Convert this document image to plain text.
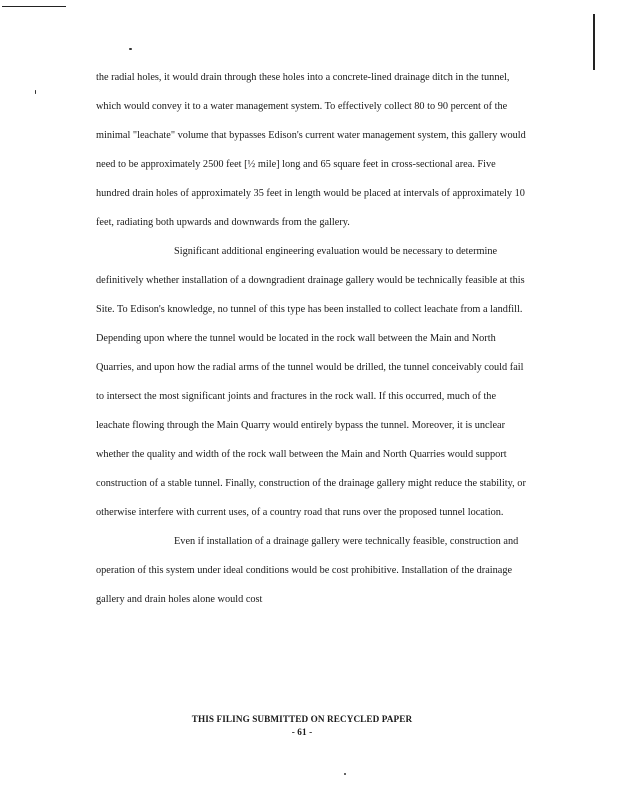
the radial holes, it would drain through these holes into a concrete-lined drainage ditch in the tunnel, which would convey it to a water management system. To effectively collect 80 to 90 percent of the minimal "leachate" volume that bypasses Edison's current water management system, this gallery would need to be approximately 2500 feet [½ mile] long and 65 square feet in cross-sectional area. Five hundred drain holes of approximately 35 feet in length would be placed at intervals of approximately 10 feet, radiating both upwards and downwards from the gallery.

Significant additional engineering evaluation would be necessary to determine definitively whether installation of a downgradient drainage gallery would be technically feasible at this Site. To Edison's knowledge, no tunnel of this type has been installed to collect leachate from a landfill. Depending upon where the tunnel would be located in the rock wall between the Main and North Quarries, and upon how the radial arms of the tunnel would be drilled, the tunnel conceivably could fail to intersect the most significant joints and fractures in the rock wall. If this occurred, much of the leachate flowing through the Main Quarry would entirely bypass the tunnel. Moreover, it is unclear whether the quality and width of the rock wall between the Main and North Quarries would support construction of a stable tunnel. Finally, construction of the drainage gallery might reduce the stability, or otherwise interfere with current uses, of a country road that runs over the proposed tunnel location.

Even if installation of a drainage gallery were technically feasible, construction and operation of this system under ideal conditions would be cost prohibitive. Installation of the drainage gallery and drain holes alone would cost

THIS FILING SUBMITTED ON RECYCLED PAPER
- 61 -
